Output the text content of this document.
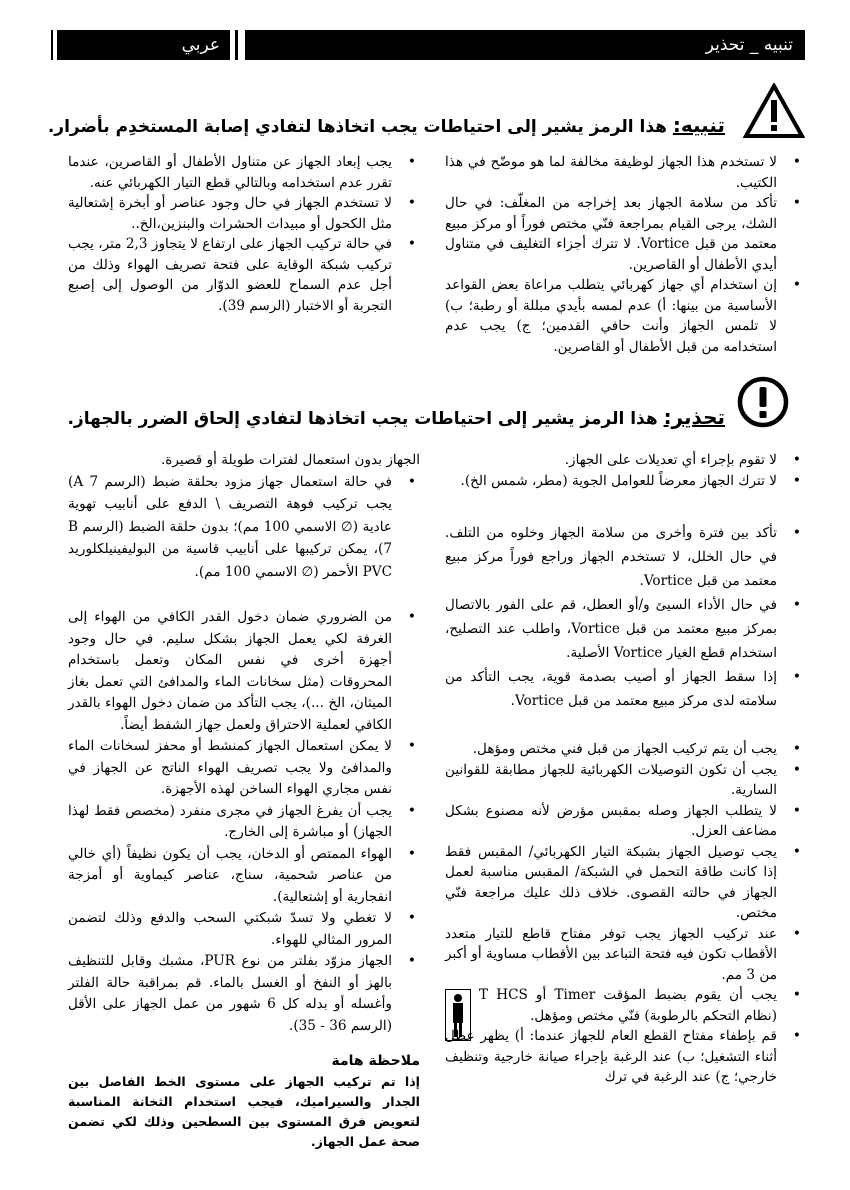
تنبيه _ تحذير
عربي
تنبيه: هذا الرمز يشير إلى احتياطات يجب اتخاذها لتفادي إصابة المستخدِم بأضرار.
• لا تستخدم هذا الجهاز لوظيفة مخالفة لما هو موضّح في هذا الكتيب.
• تأكد من سلامة الجهاز بعد إخراجه من المغلّف: في حال الشك، يرجى القيام بمراجعة فنّي مختص فوراً أو مركز مبيع معتمد من قبل Vortice. لا تترك أجزاء التغليف في متناول أيدي الأطفال أو القاصرين.
• إن استخدام أي جهاز كهربائي يتطلب مراعاة بعض القواعد الأساسية من بينها: أ) عدم لمسه بأيدي مبللة أو رطبة؛ ب) لا تلمس الجهاز وأنت حافي القدمين؛ ج) يجب عدم استخدامه من قبل الأطفال أو القاصرين.
• يجب إبعاد الجهاز عن متناول الأطفال أو القاصرين، عندما تقرر عدم استخدامه وبالتالي قطع التيار الكهربائي عنه.
• لا تستخدم الجهاز في حال وجود عناصر أو أبخرة إشتعالية مثل الكحول أو مبيدات الحشرات والبنزين،الخ..
• في حالة تركيب الجهاز على ارتفاع لا يتجاوز 2,3 متر، يجب تركيب شبكة الوقاية على فتحة تصريف الهواء وذلك من أجل عدم السماح للعضو الدوّار من الوصول إلى إصبع التجربة أو الاختبار (الرسم 39).
تحذير: هذا الرمز يشير إلى احتياطات يجب اتخاذها لتفادي إلحاق الضرر بالجهاز.
• لا تقوم بإجراء أي تعديلات على الجهاز.
• لا تترك الجهاز معرضاً للعوامل الجوية (مطر، شمس الخ).
• تأكد بين فترة وأخرى من سلامة الجهاز وخلوه من التلف. في حال الخلل، لا تستخدم الجهاز وراجع فوراً مركز مبيع معتمد من قبل Vortice.
• في حال الأداء السيئ و/أو العطل، قم على الفور بالاتصال بمركز مبيع معتمد من قبل Vortice، واطلب عند التصليح، استخدام قطع الغيار Vortice الأصلية.
• إذا سقط الجهاز أو أصيب بصدمة قوية، يجب التأكد من سلامته لدى مركز مبيع معتمد من قبل Vortice.
• يجب أن يتم تركيب الجهاز من قبل فني مختص ومؤهل.
• يجب أن تكون التوصيلات الكهربائية للجهاز مطابقة للقوانين السارية.
• لا يتطلب الجهاز وصله بمقبس مؤرض لأنه مصنوع بشكل مضاعف العزل.
• يجب توصيل الجهاز بشبكة التيار الكهربائي/ المقبس فقط إذا كانت طاقة التحمل في الشبكة/ المقبس مناسبة لعمل الجهاز في حالته القصوى. خلاف ذلك عليك مراجعة فنّي مختص.
• عند تركيب الجهاز يجب توفر مفتاح قاطع للتيار متعدد الأقطاب تكون فيه فتحة التباعد بين الأقطاب مساوية أو أكبر من 3 مم.
• يجب أن يقوم بضبط المؤقت Timer أو T HCS (نظام التحكم بالرطوبة) فنّي مختص ومؤهل.
• قم بإطفاء مفتاح القطع العام للجهاز عندما: أ) يظهر عطل أثناء التشغيل؛ ب) عند الرغبة بإجراء صيانة خارجية وتنظيف خارجي؛ ج) عند الرغبة في ترك
الجهاز بدون استعمال لفترات طويلة أو قصيرة.
• في حالة استعمال جهاز مزود بحلقة ضبط (الرسم A 7) يجب تركيب فوهة التصريف \ الدفع على أنابيب تهوية عادية (∅ الاسمي 100 مم)؛ بدون حلقة الضبط (الرسم B 7)، يمكن تركيبها على أنابيب قاسية من البوليفينيلكلوريد PVC الأحمر (∅ الاسمي 100 مم).
• من الضروري ضمان دخول القدر الكافي من الهواء إلى الغرفة لكي يعمل الجهاز بشكل سليم. في حال وجود أجهزة أخرى في نفس المكان وتعمل باستخدام المحروقات (مثل سخانات الماء والمدافئ التي تعمل بغاز الميثان، الخ ...)، يجب التأكد من ضمان دخول الهواء بالقدر الكافي لعملية الاحتراق ولعمل جهاز الشفط أيضاً.
• لا يمكن استعمال الجهاز كمنشط أو محفز لسخانات الماء والمدافئ ولا يجب تصريف الهواء الناتج عن الجهاز في نفس مجاري الهواء الساخن لهذه الأجهزة.
• يجب أن يفرغ الجهاز في مجرى منفرد (مخصص فقط لهذا الجهاز) أو مباشرة إلى الخارج.
• الهواء الممتص أو الدخان، يجب أن يكون نظيفاً (أي خالي من عناصر شحمية، سناج، عناصر كيماوية أو أمزجة انفجارية أو إشتعالية).
• لا تغطي ولا تسدّ شبكتي السحب والدفع وذلك لتضمن المرور المثالي للهواء.
• الجهاز مزوّد بفلتر من نوع PUR، مشبك وقابل للتنظيف بالهز أو النفخ أو الغسل بالماء. قم بمراقبة حالة الفلتر وأغسله أو بدله كل 6 شهور من عمل الجهاز على الأقل (الرسم 36 - 35).
ملاحظة هامة
إذا تم تركيب الجهاز على مستوى الخط الفاصل بين الجدار والسيراميك، فيجب استخدام الثخانة المناسبة لتعويض فرق المستوى بين السطحين وذلك لكي تضمن صحة عمل الجهاز.
